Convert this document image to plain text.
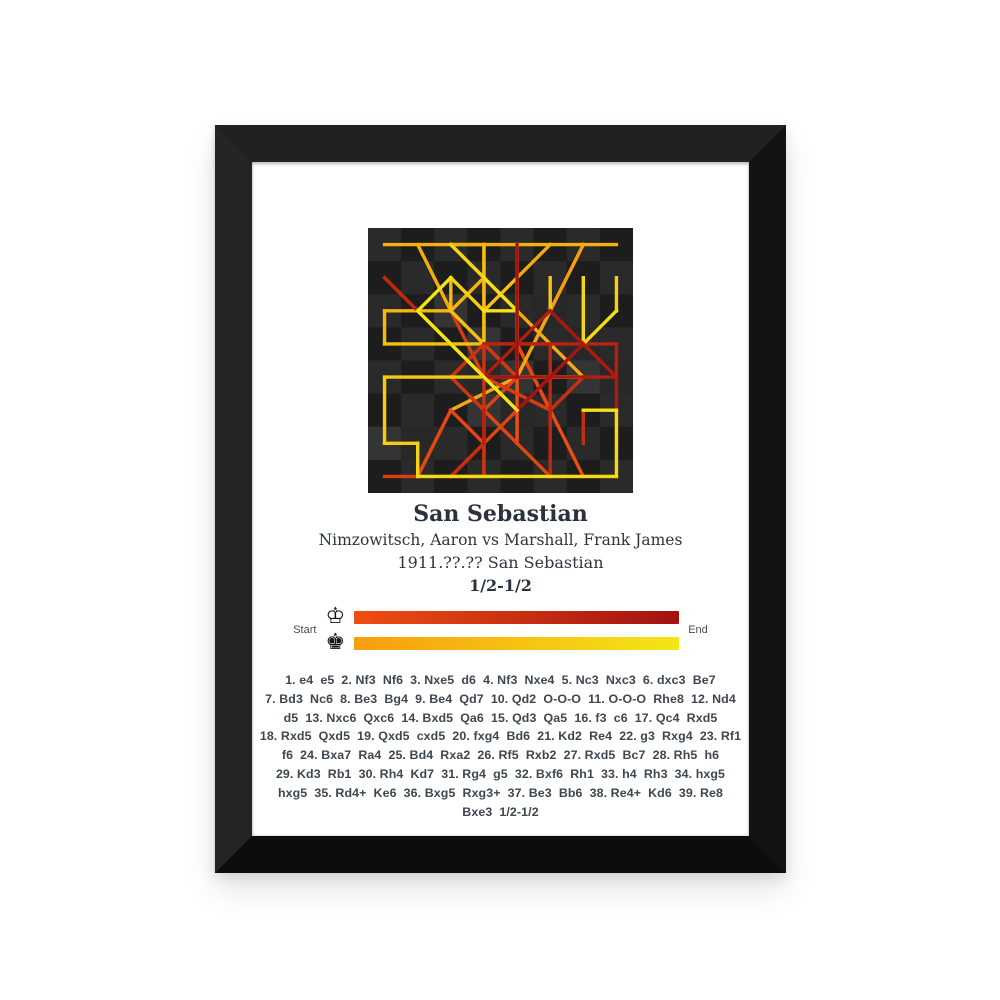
San Sebastian
Nimzowitsch, Aaron vs Marshall, Frank James
1911.??.?? San Sebastian
1/2-1/2
Start
♔
♚	End
1. e4  e5  2. Nf3  Nf6  3. Nxe5  d6  4. Nf3  Nxe4  5. Nc3  Nxc3  6. dxc3  Be7
7. Bd3  Nc6  8. Be3  Bg4  9. Be4  Qd7  10. Qd2  O-O-O  11. O-O-O  Rhe8  12. Nd4
d5  13. Nxc6  Qxc6  14. Bxd5  Qa6  15. Qd3  Qa5  16. f3  c6  17. Qc4  Rxd5
18. Rxd5  Qxd5  19. Qxd5  cxd5  20. fxg4  Bd6  21. Kd2  Re4  22. g3  Rxg4  23. Rf1
f6  24. Bxa7  Ra4  25. Bd4  Rxa2  26. Rf5  Rxb2  27. Rxd5  Bc7  28. Rh5  h6
29. Kd3  Rb1  30. Rh4  Kd7  31. Rg4  g5  32. Bxf6  Rh1  33. h4  Rh3  34. hxg5
hxg5  35. Rd4+  Ke6  36. Bxg5  Rxg3+  37. Be3  Bb6  38. Re4+  Kd6  39. Re8
Bxe3  1/2-1/2
